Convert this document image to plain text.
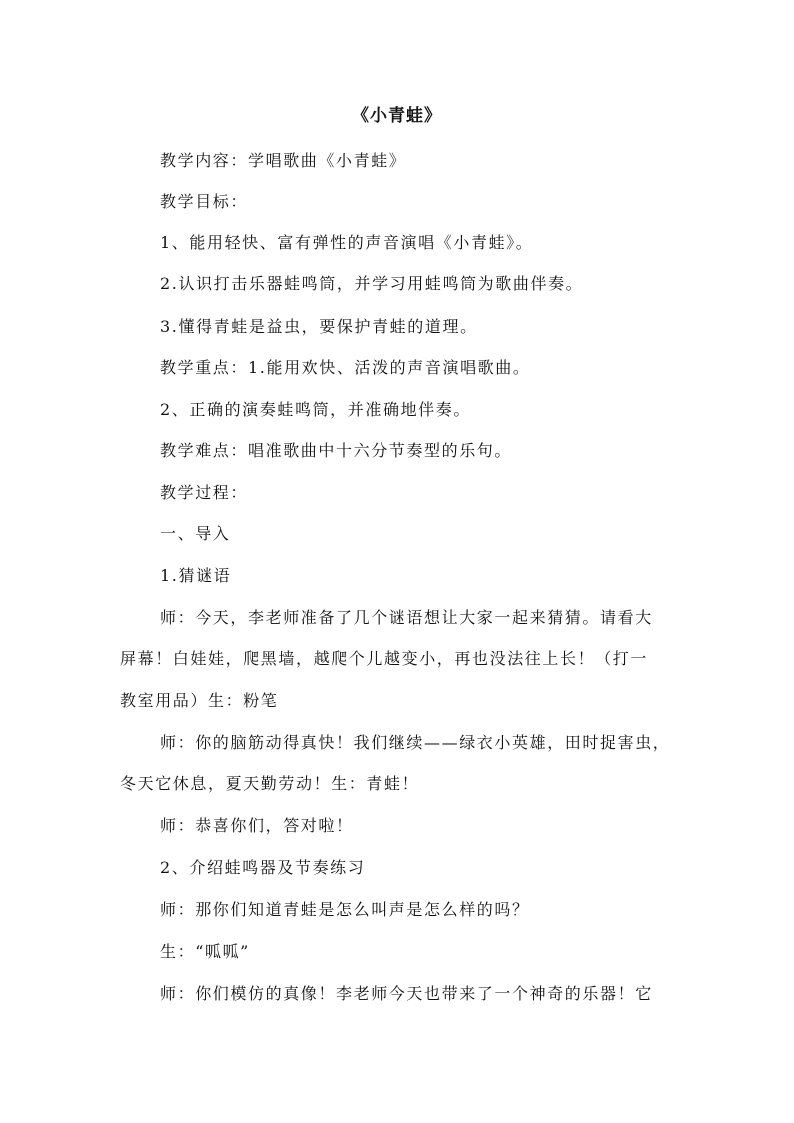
《小青蛙》
教学内容：学唱歌曲《小青蛙》
教学目标：
1、能用轻快、富有弹性的声音演唱《小青蛙》。
2.认识打击乐器蛙鸣筒，并学习用蛙鸣筒为歌曲伴奏。
3.懂得青蛙是益虫，要保护青蛙的道理。
教学重点：1.能用欢快、活泼的声音演唱歌曲。
2、正确的演奏蛙鸣筒，并准确地伴奏。
教学难点：唱准歌曲中十六分节奏型的乐句。
教学过程：
一、导入
1.猜谜语
师：今天，李老师准备了几个谜语想让大家一起来猜猜。请看大
屏幕！白娃娃，爬黑墙，越爬个儿越变小，再也没法往上长！（打一
教室用品）生：粉笔
师：你的脑筋动得真快！我们继续——绿衣小英雄，田时捉害虫，
冬天它休息，夏天勤劳动！生：青蛙！
师：恭喜你们，答对啦！
2、介绍蛙鸣器及节奏练习
师：那你们知道青蛙是怎么叫声是怎么样的吗？
生：“呱呱”
师：你们模仿的真像！李老师今天也带来了一个神奇的乐器！它
